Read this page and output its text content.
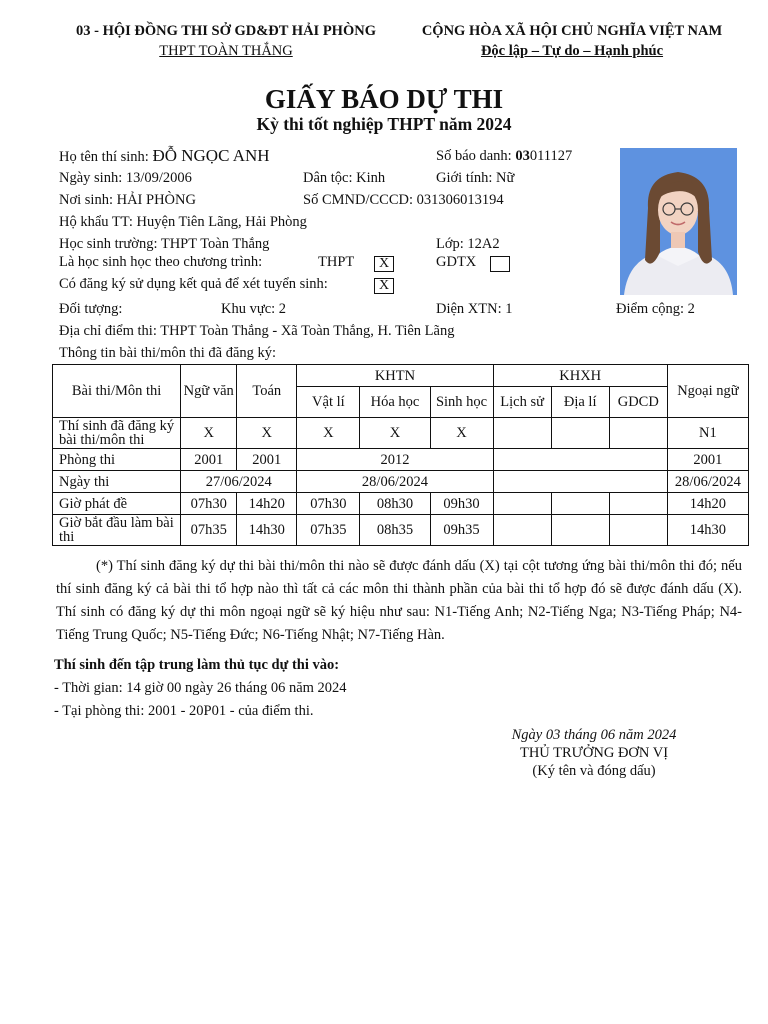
03 - HỘI ĐỒNG THI SỞ GD&ĐT HẢI PHÒNG
THPT TOÀN THẮNG
CỘNG HÒA XÃ HỘI CHỦ NGHĨA VIỆT NAM
Độc lập – Tự do – Hạnh phúc
GIẤY BÁO DỰ THI
Kỳ thi tốt nghiệp THPT năm 2024
Họ tên thí sinh: ĐỖ NGỌC ANH	Số báo danh: 03011127
Ngày sinh: 13/09/2006	Dân tộc: Kinh	Giới tính: Nữ
Nơi sinh: HẢI PHÒNG	Số CMND/CCCD: 031306013194
Hộ khẩu TT: Huyện Tiên Lãng, Hải Phòng
Học sinh trường: THPT Toàn Thắng	Lớp: 12A2
Là học sinh học theo chương trình:	THPT	X	GDTX
Có đăng ký sử dụng kết quả để xét tuyển sinh:	X
Đối tượng:	Khu vực: 2	Diện XTN: 1	Điểm cộng: 2
Địa chỉ điểm thi: THPT Toàn Thắng - Xã Toàn Thắng, H. Tiên Lãng
Thông tin bài thi/môn thi đã đăng ký:
Bài thi/Môn thi	Ngữ văn	Toán	KHTN			KHXH			Ngoại ngữ
			Vật lí	Hóa học	Sinh học	Lịch sử	Địa lí	GDCD	
Thí sinh đã đăng ký bài thi/môn thi	X	X	X	X	X				N1
Phòng thi	2001	2001	2012						2001
Ngày thi	27/06/2024		28/06/2024						28/06/2024
Giờ phát đề	07h30	14h20	07h30	08h30	09h30				14h20
Giờ bắt đầu làm bài thi	07h35	14h30	07h35	08h35	09h35				14h30
(*) Thí sinh đăng ký dự thi bài thi/môn thi nào sẽ được đánh dấu (X) tại cột tương ứng bài thi/môn thi đó; nếu thí sinh đăng ký cả bài thi tổ hợp nào thì tất cả các môn thi thành phần của bài thi tổ hợp đó sẽ được đánh dấu (X). Thí sinh có đăng ký dự thi môn ngoại ngữ sẽ ký hiệu như sau: N1-Tiếng Anh; N2-Tiếng Nga; N3-Tiếng Pháp; N4-Tiếng Trung Quốc; N5-Tiếng Đức; N6-Tiếng Nhật; N7-Tiếng Hàn.
Thí sinh đến tập trung làm thủ tục dự thi vào:
- Thời gian: 14 giờ 00 ngày 26 tháng 06 năm 2024
- Tại phòng thi: 2001 - 20P01 - của điểm thi.
Ngày 03 tháng 06 năm 2024
THỦ TRƯỞNG ĐƠN VỊ
(Ký tên và đóng dấu)
